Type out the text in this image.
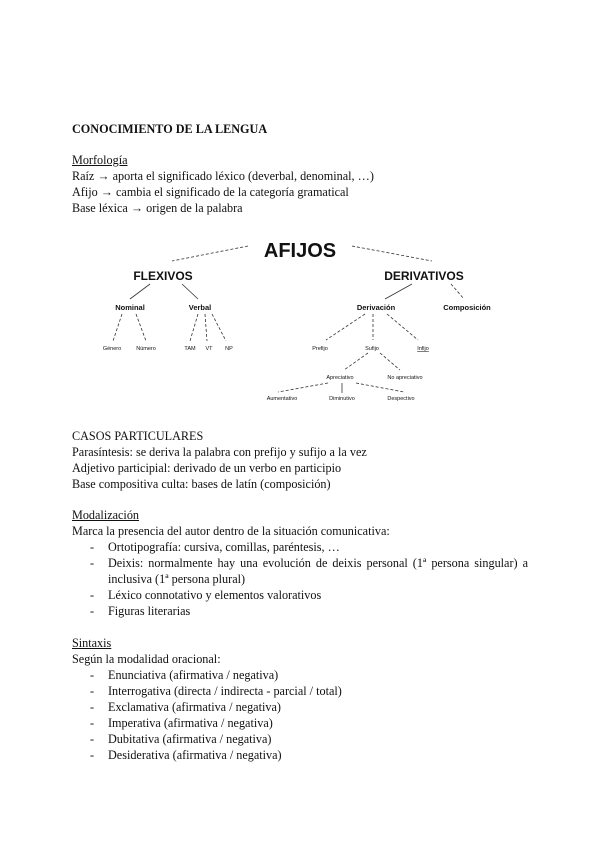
CONOCIMIENTO DE LA LENGUA
Morfología
Raíz → aporta el significado léxico (deverbal, denominal, …)
Afijo → cambia el significado de la categoría gramatical
Base léxica → origen de la palabra
AFIJOS
FLEXIVOS	DERIVATIVOS
Nominal	Verbal
Género	Número	TAM VT NP
Derivación	Composición
Prefijo	Sufijo	Infijo
Apreciativo	No apreciativo
Aumentativo	Diminutivo	Despectivo
CASOS PARTICULARES
Parasíntesis: se deriva la palabra con prefijo y sufijo a la vez
Adjetivo participial: derivado de un verbo en participio
Base compositiva culta: bases de latín (composición)
Modalización
Marca la presencia del autor dentro de la situación comunicativa:
- Ortotipografía: cursiva, comillas, paréntesis, …
- Deixis: normalmente hay una evolución de deixis personal (1ª persona singular) a
inclusiva (1ª persona plural)
- Léxico connotativo y elementos valorativos
- Figuras literarias
Sintaxis
Según la modalidad oracional:
- Enunciativa (afirmativa / negativa)
- Interrogativa (directa / indirecta - parcial / total)
- Exclamativa (afirmativa / negativa)
- Imperativa (afirmativa / negativa)
- Dubitativa (afirmativa / negativa)
- Desiderativa (afirmativa / negativa)
